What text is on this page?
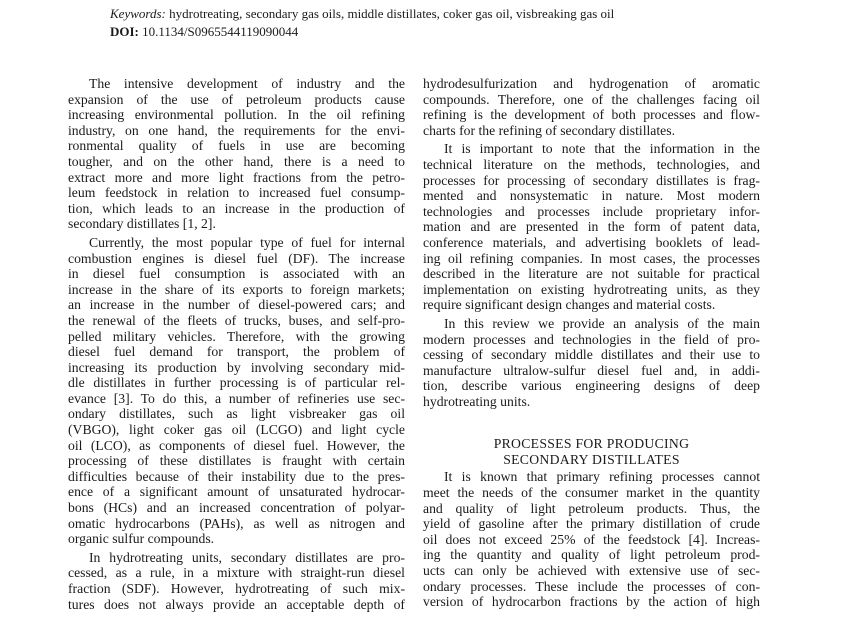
Keywords: hydrotreating, secondary gas oils, middle distillates, coker gas oil, visbreaking gas oil
DOI: 10.1134/S0965544119090044
The intensive development of industry and the
expansion of the use of petroleum products cause
increasing environmental pollution. In the oil refining
industry, on one hand, the requirements for the envi-
ronmental quality of fuels in use are becoming
tougher, and on the other hand, there is a need to
extract more and more light fractions from the petro-
leum feedstock in relation to increased fuel consump-
tion, which leads to an increase in the production of
secondary distillates [1, 2].
Currently, the most popular type of fuel for internal
combustion engines is diesel fuel (DF). The increase
in diesel fuel consumption is associated with an
increase in the share of its exports to foreign markets;
an increase in the number of diesel-powered cars; and
the renewal of the fleets of trucks, buses, and self-pro-
pelled military vehicles. Therefore, with the growing
diesel fuel demand for transport, the problem of
increasing its production by involving secondary mid-
dle distillates in further processing is of particular rel-
evance [3]. To do this, a number of refineries use sec-
ondary distillates, such as light visbreaker gas oil
(VBGO), light coker gas oil (LCGO) and light cycle
oil (LCO), as components of diesel fuel. However, the
processing of these distillates is fraught with certain
difficulties because of their instability due to the pres-
ence of a significant amount of unsaturated hydrocar-
bons (HCs) and an increased concentration of polyar-
omatic hydrocarbons (PAHs), as well as nitrogen and
organic sulfur compounds.
In hydrotreating units, secondary distillates are pro-
cessed, as a rule, in a mixture with straight-run diesel
fraction (SDF). However, hydrotreating of such mix-
tures does not always provide an acceptable depth of
hydrodesulfurization and hydrogenation of aromatic
compounds. Therefore, one of the challenges facing oil
refining is the development of both processes and flow-
charts for the refining of secondary distillates.
It is important to note that the information in the
technical literature on the methods, technologies, and
processes for processing of secondary distillates is frag-
mented and nonsystematic in nature. Most modern
technologies and processes include proprietary infor-
mation and are presented in the form of patent data,
conference materials, and advertising booklets of lead-
ing oil refining companies. In most cases, the processes
described in the literature are not suitable for practical
implementation on existing hydrotreating units, as they
require significant design changes and material costs.
In this review we provide an analysis of the main
modern processes and technologies in the field of pro-
cessing of secondary middle distillates and their use to
manufacture ultralow-sulfur diesel fuel and, in addi-
tion, describe various engineering designs of deep
hydrotreating units.
PROCESSES FOR PRODUCING
SECONDARY DISTILLATES
It is known that primary refining processes cannot
meet the needs of the consumer market in the quantity
and quality of light petroleum products. Thus, the
yield of gasoline after the primary distillation of crude
oil does not exceed 25% of the feedstock [4]. Increas-
ing the quantity and quality of light petroleum prod-
ucts can only be achieved with extensive use of sec-
ondary processes. These include the processes of con-
version of hydrocarbon fractions by the action of high
